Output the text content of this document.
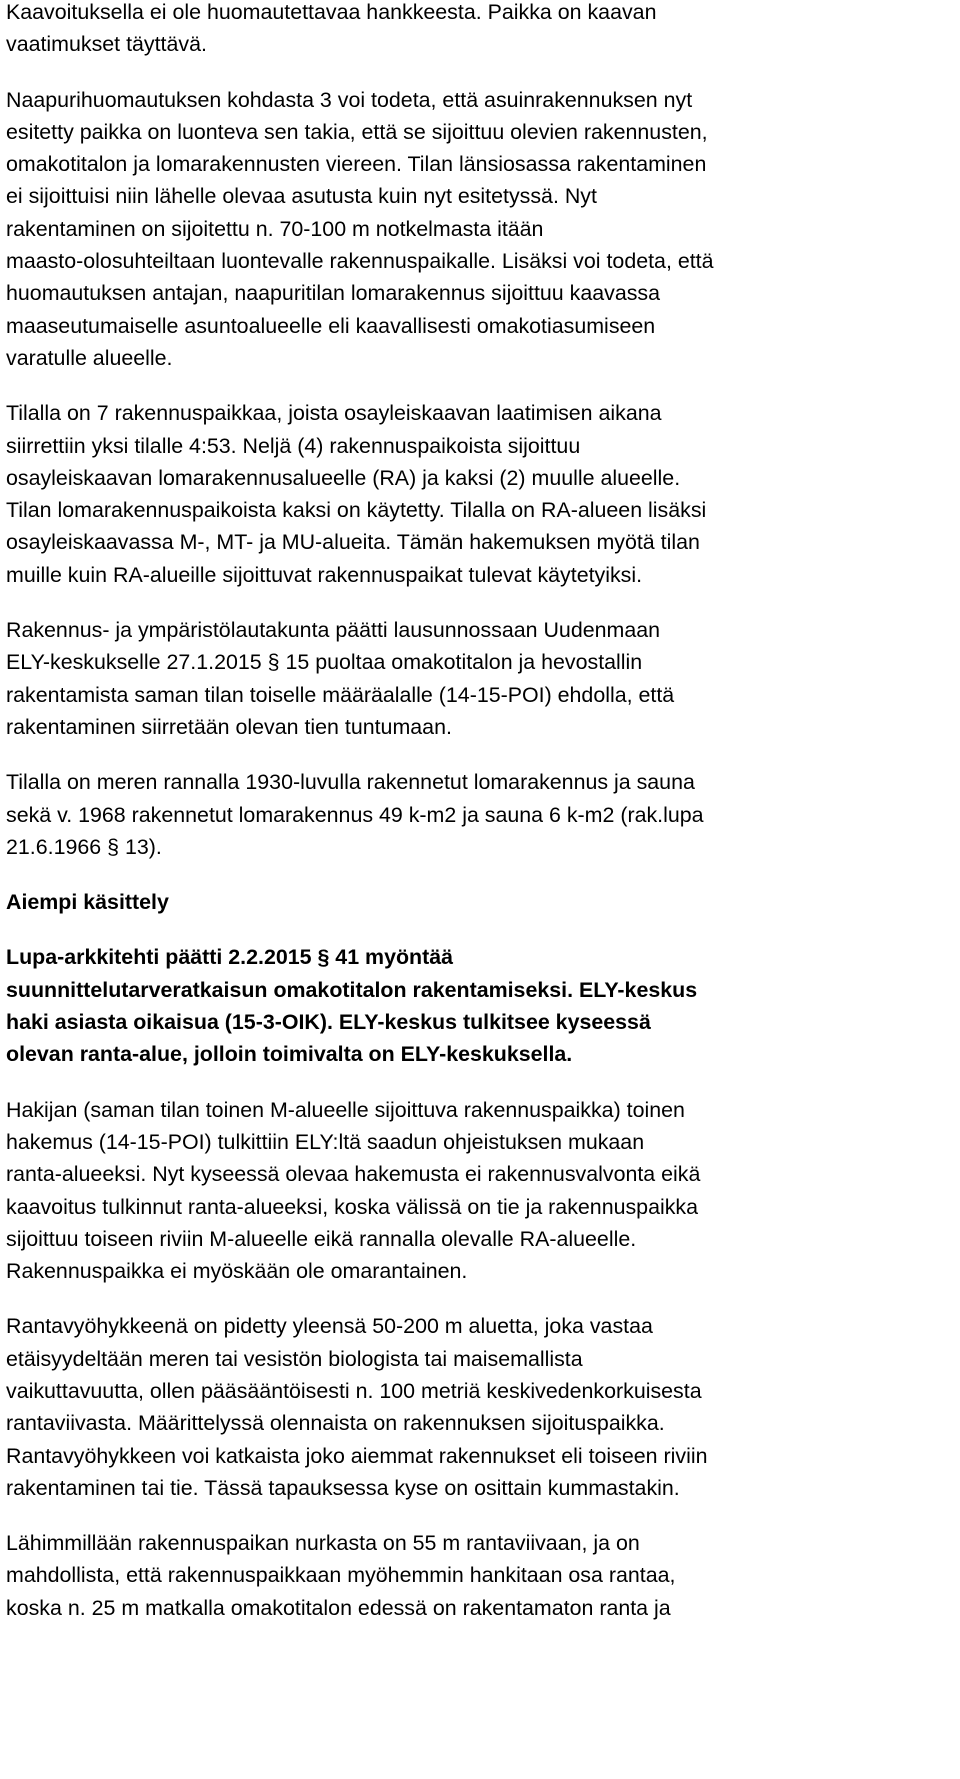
Kaavoituksella ei ole huomautettavaa hankkeesta. Paikka on kaavan
vaatimukset täyttävä.

Naapurihuomautuksen kohdasta 3 voi todeta, että asuinrakennuksen nyt
esitetty paikka on luonteva sen takia, että se sijoittuu olevien rakennusten,
omakotitalon ja lomarakennusten viereen. Tilan länsiosassa rakentaminen
ei sijoittuisi niin lähelle olevaa asutusta kuin nyt esitetyssä. Nyt
rakentaminen on sijoitettu n. 70-100 m notkelmasta itään
maasto-olosuhteiltaan luontevalle rakennuspaikalle. Lisäksi voi todeta, että
huomautuksen antajan, naapuritilan lomarakennus sijoittuu kaavassa
maaseutumaiselle asuntoalueelle eli kaavallisesti omakotiasumiseen
varatulle alueelle.

Tilalla on 7 rakennuspaikkaa, joista osayleiskaavan laatimisen aikana
siirrettiin yksi tilalle 4:53. Neljä (4) rakennuspaikoista sijoittuu
osayleiskaavan lomarakennusalueelle (RA) ja kaksi (2) muulle alueelle.
Tilan lomarakennuspaikoista kaksi on käytetty. Tilalla on RA-alueen lisäksi
osayleiskaavassa M-, MT- ja MU-alueita. Tämän hakemuksen myötä tilan
muille kuin RA-alueille sijoittuvat rakennuspaikat tulevat käytetyiksi.

Rakennus- ja ympäristölautakunta päätti lausunnossaan Uudenmaan
ELY-keskukselle 27.1.2015 § 15 puoltaa omakotitalon ja hevostallin
rakentamista saman tilan toiselle määräalalle (14-15-POI) ehdolla, että
rakentaminen siirretään olevan tien tuntumaan.

Tilalla on meren rannalla 1930-luvulla rakennetut lomarakennus ja sauna
sekä v. 1968 rakennetut lomarakennus 49 k-m2 ja sauna 6 k-m2 (rak.lupa
21.6.1966 § 13).

Aiempi käsittely

Lupa-arkkitehti päätti 2.2.2015 § 41 myöntää
suunnittelutarveratkaisun omakotitalon rakentamiseksi. ELY-keskus
haki asiasta oikaisua (15-3-OIK). ELY-keskus tulkitsee kyseessä
olevan ranta-alue, jolloin toimivalta on ELY-keskuksella.

Hakijan (saman tilan toinen M-alueelle sijoittuva rakennuspaikka) toinen
hakemus (14-15-POI) tulkittiin ELY:ltä saadun ohjeistuksen mukaan
ranta-alueeksi. Nyt kyseessä olevaa hakemusta ei rakennusvalvonta eikä
kaavoitus tulkinnut ranta-alueeksi, koska välissä on tie ja rakennuspaikka
sijoittuu toiseen riviin M-alueelle eikä rannalla olevalle RA-alueelle.
Rakennuspaikka ei myöskään ole omarantainen.

Rantavyöhykkeenä on pidetty yleensä 50-200 m aluetta, joka vastaa
etäisyydeltään meren tai vesistön biologista tai maisemallista
vaikuttavuutta, ollen pääsääntöisesti n. 100 metriä keskivedenkorkuisesta
rantaviivasta. Määrittelyssä olennaista on rakennuksen sijoituspaikka.
Rantavyöhykkeen voi katkaista joko aiemmat rakennukset eli toiseen riviin
rakentaminen tai tie. Tässä tapauksessa kyse on osittain kummastakin.

Lähimmillään rakennuspaikan nurkasta on 55 m rantaviivaan, ja on
mahdollista, että rakennuspaikkaan myöhemmin hankitaan osa rantaa,
koska n. 25 m matkalla omakotitalon edessä on rakentamaton ranta ja
